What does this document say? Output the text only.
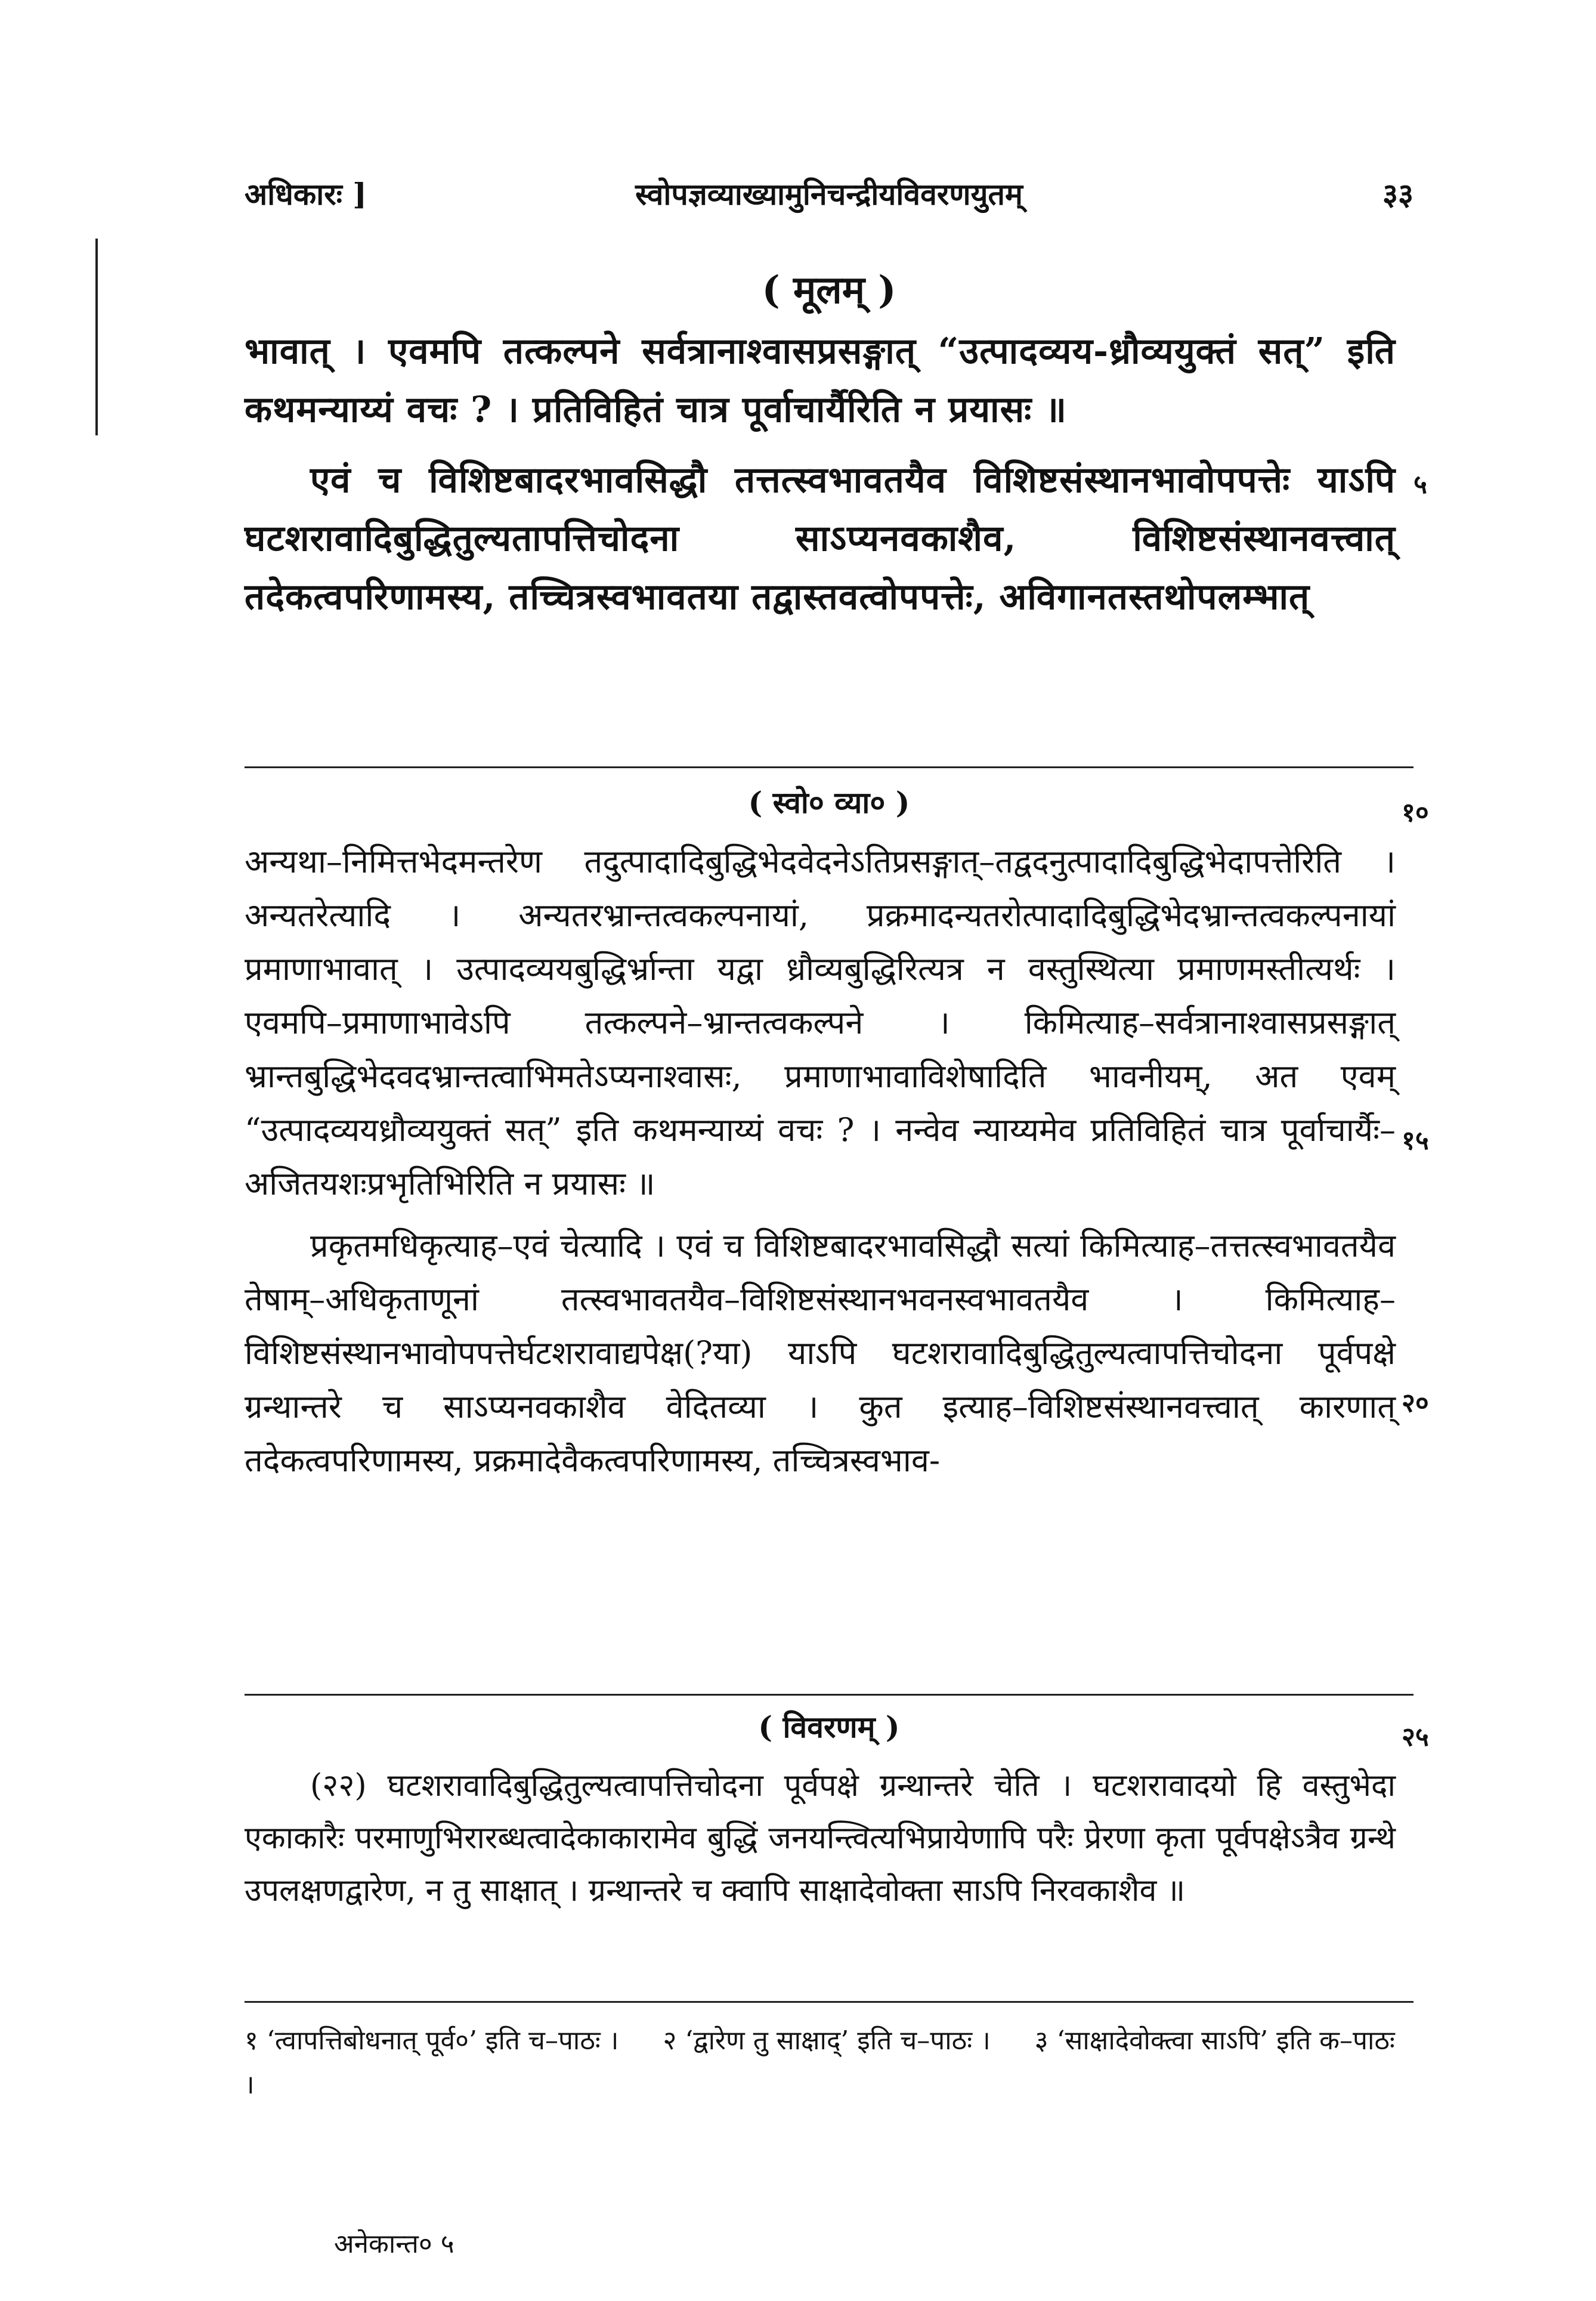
अधिकारः ]	स्वोपज्ञव्याख्यामुनिचन्द्रीयविवरणयुतम्	३३
( मूलम् )

भावात् । एवमपि तत्कल्पने सर्वत्रानाश्वासप्रसङ्गात् “उत्पादव्यय-ध्रौव्ययुक्तं सत्” इति कथमन्याय्यं वचः ? । प्रतिविहितं चात्र पूर्वाचार्यैरिति न प्रयासः ॥

एवं च विशिष्टबादरभावसिद्धौ तत्तत्स्वभावतयैव विशिष्टसंस्थानभावोपपत्तेः याऽपि घटशरावादिबुद्धितुल्यतापत्तिचोदना साऽप्यनवकाशैव, विशिष्टसंस्थानवत्त्वात् तदेकत्वपरिणामस्य, तच्चित्रस्वभावतया तद्वास्तवत्वोपपत्तेः, अविगानतस्तथोपलम्भात्

( स्वो० व्या० )

अन्यथा–निमित्तभेदमन्तरेण तदुत्पादादिबुद्धिभेदवेदनेऽतिप्रसङ्गात्–तद्वदनुत्पादादिबुद्धिभेदापत्तेरिति । अन्यतरेत्यादि । अन्यतरभ्रान्तत्वकल्पनायां, प्रक्रमादन्यतरोत्पादादिबुद्धिभेदभ्रान्तत्वकल्पनायां प्रमाणाभावात् । उत्पादव्ययबुद्धिर्भ्रान्ता यद्वा ध्रौव्यबुद्धिरित्यत्र न वस्तुस्थित्या प्रमाणमस्तीत्यर्थः । एवमपि–प्रमाणाभावेऽपि तत्कल्पने–भ्रान्तत्वकल्पने । किमित्याह–सर्वत्रानाश्वासप्रसङ्गात् भ्रान्तबुद्धिभेदवदभ्रान्तत्वाभिमतेऽप्यनाश्वासः, प्रमाणाभावाविशेषादिति भावनीयम्, अत एवम् “उत्पादव्ययध्रौव्ययुक्तं सत्” इति कथमन्याय्यं वचः ? । नन्वेव न्याय्यमेव प्रतिविहितं चात्र पूर्वाचार्यैः–अजितयशःप्रभृतिभिरिति न प्रयासः ॥

प्रकृतमधिकृत्याह–एवं चेत्यादि । एवं च विशिष्टबादरभावसिद्धौ सत्यां किमित्याह–तत्तत्स्वभावतयैव तेषाम्–अधिकृताणूनां तत्स्वभावतयैव–विशिष्टसंस्थानभवनस्वभावतयैव । किमित्याह–विशिष्टसंस्थानभावोपपत्तेर्घटशरावाद्यपेक्ष(?या) याऽपि घटशरावादिबुद्धितुल्यत्वापत्तिचोदना पूर्वपक्षे ग्रन्थान्तरे च साऽप्यनवकाशैव वेदितव्या । कुत इत्याह–विशिष्टसंस्थानवत्त्वात् कारणात् तदेकत्वपरिणामस्य, प्रक्रमादेवैकत्वपरिणामस्य, तच्चित्रस्वभाव-

( विवरणम् )

(२२) घटशरावादिबुद्धितुल्यत्वापत्तिचोदना पूर्वपक्षे ग्रन्थान्तरे चेति । घटशरावादयो हि वस्तुभेदा एकाकारैः परमाणुभिरारब्धत्वादेकाकारामेव बुद्धिं जनयन्त्वित्यभिप्रायेणापि परैः प्रेरणा कृता पूर्वपक्षेऽत्रैव ग्रन्थे उपलक्षणद्वारेण, न तु साक्षात् । ग्रन्थान्तरे च क्वापि साक्षादेवोक्ता साऽपि निरवकाशैव ॥

५
१०
१५
२०
२५

१ ‘त्वापत्तिबोधनात् पूर्व०’ इति च–पाठः । २ ‘द्वारेण तु साक्षाद्’ इति च–पाठः । ३ ‘साक्षादेवोक्त्वा साऽपि’ इति क–पाठः ।

अनेकान्त० ५
